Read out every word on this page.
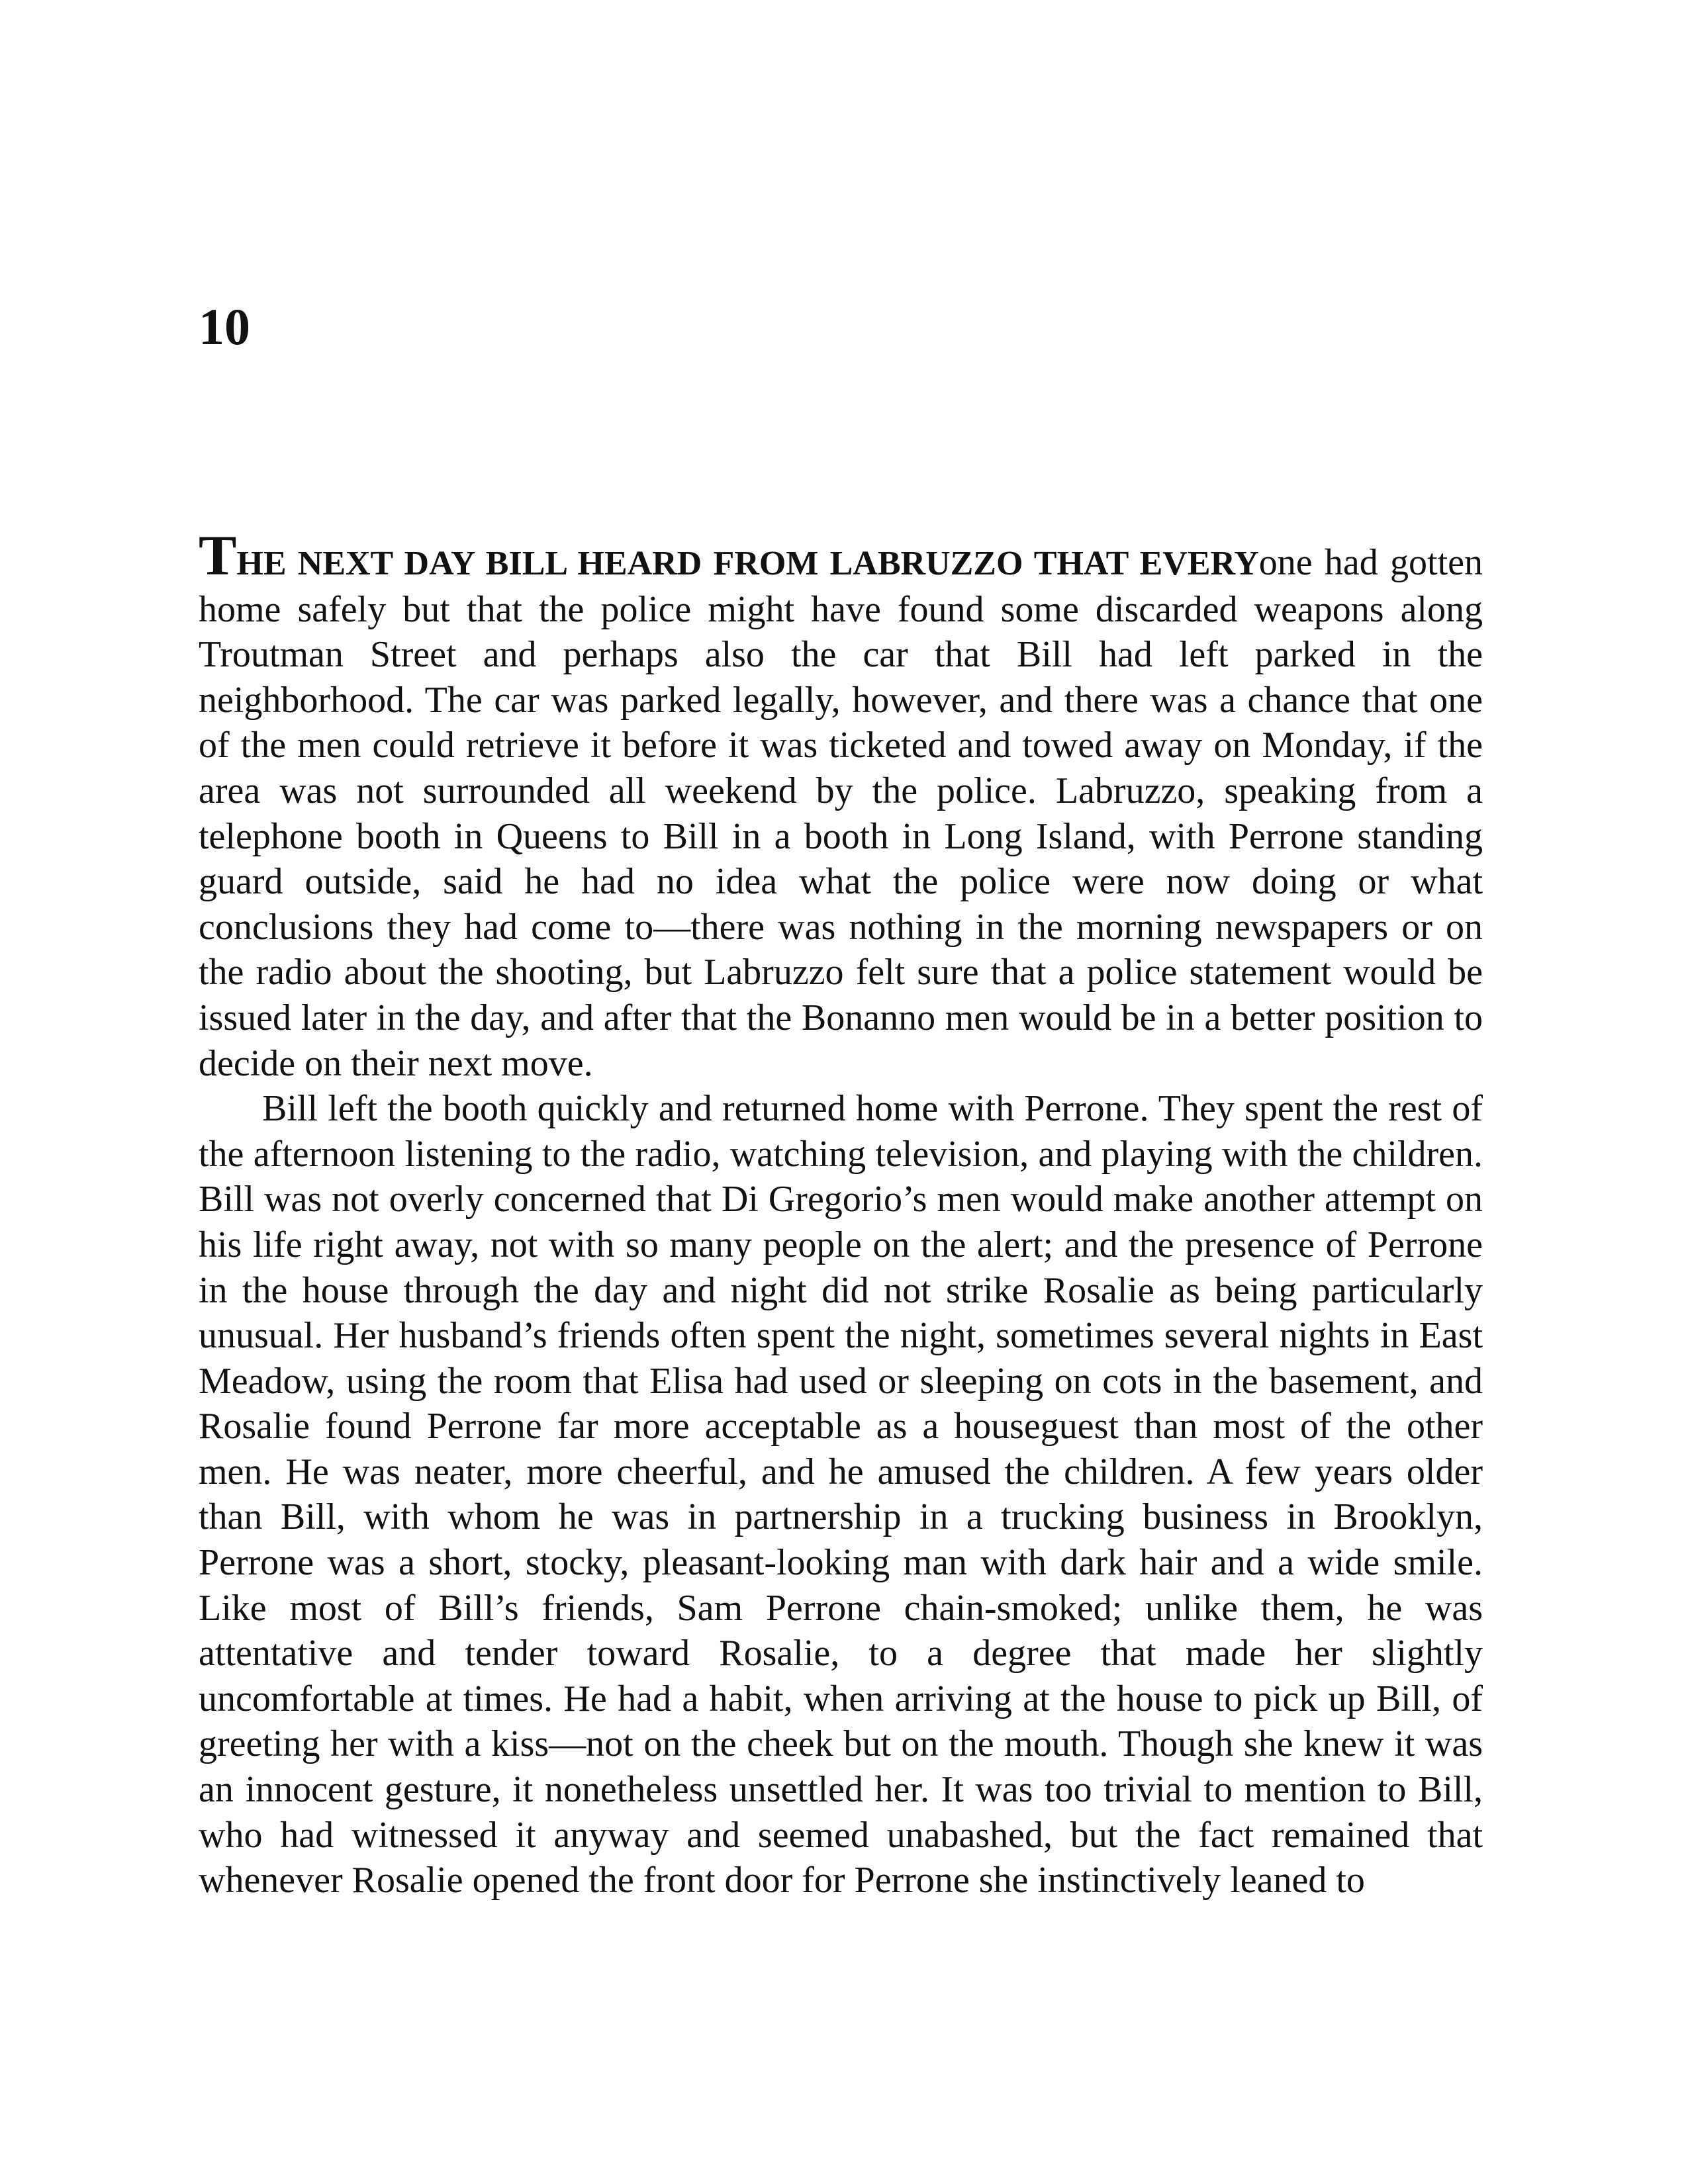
10

THE NEXT DAY BILL HEARD FROM LABRUZZO THAT EVERYone had gotten home safely but that the police might have found some discarded weapons along Troutman Street and perhaps also the car that Bill had left parked in the neighborhood. The car was parked legally, however, and there was a chance that one of the men could retrieve it before it was ticketed and towed away on Monday, if the area was not surrounded all weekend by the police. Labruzzo, speaking from a telephone booth in Queens to Bill in a booth in Long Island, with Perrone standing guard outside, said he had no idea what the police were now doing or what conclusions they had come to—there was nothing in the morning newspapers or on the radio about the shooting, but Labruzzo felt sure that a police statement would be issued later in the day, and after that the Bonanno men would be in a better position to decide on their next move.

Bill left the booth quickly and returned home with Perrone. They spent the rest of the afternoon listening to the radio, watching television, and playing with the children. Bill was not overly concerned that Di Gregorio’s men would make another attempt on his life right away, not with so many people on the alert; and the presence of Perrone in the house through the day and night did not strike Rosalie as being particularly unusual. Her husband’s friends often spent the night, sometimes several nights in East Meadow, using the room that Elisa had used or sleeping on cots in the basement, and Rosalie found Perrone far more acceptable as a houseguest than most of the other men. He was neater, more cheerful, and he amused the children. A few years older than Bill, with whom he was in partnership in a trucking business in Brooklyn, Perrone was a short, stocky, pleasant-looking man with dark hair and a wide smile. Like most of Bill’s friends, Sam Perrone chain-smoked; unlike them, he was attentative and tender toward Rosalie, to a degree that made her slightly uncomfortable at times. He had a habit, when arriving at the house to pick up Bill, of greeting her with a kiss—not on the cheek but on the mouth. Though she knew it was an innocent gesture, it nonetheless unsettled her. It was too trivial to mention to Bill, who had witnessed it anyway and seemed unabashed, but the fact remained that whenever Rosalie opened the front door for Perrone she instinctively leaned to
